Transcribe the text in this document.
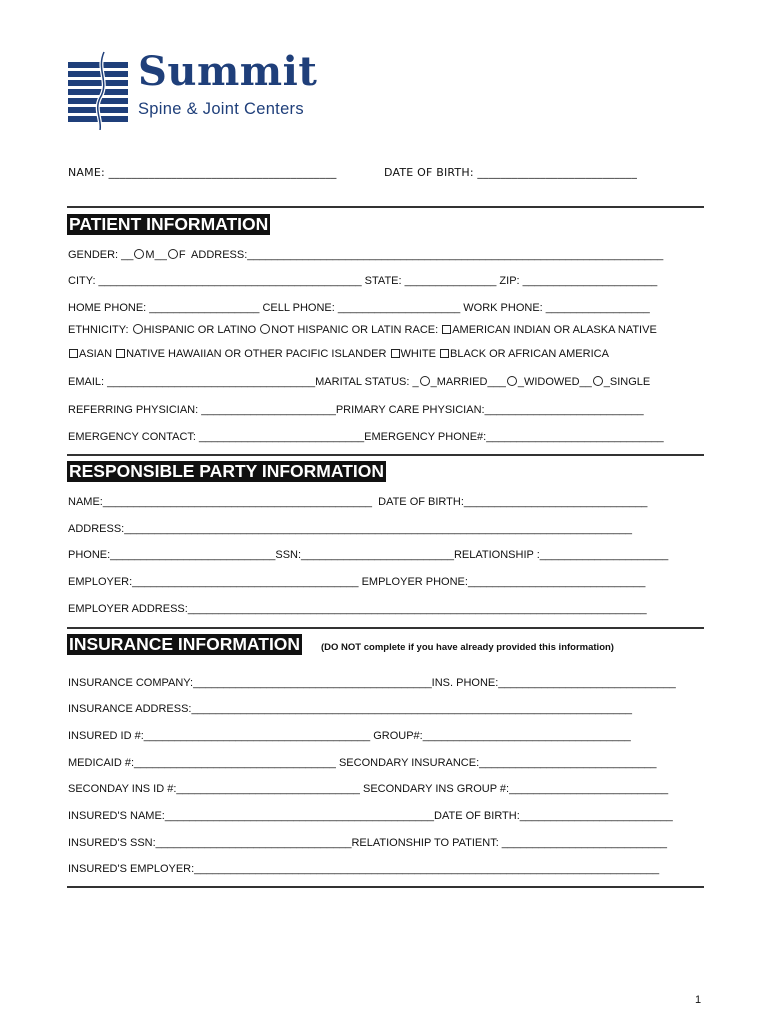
Summit
Spine & Joint Centers
NAME: ________________________________________	DATE OF BIRTH: ____________________________
PATIENT INFORMATION
GENDER: __ M__ F  ADDRESS:____________________________________________________________________
CITY: ___________________________________________ STATE: _______________ ZIP: ______________________
HOME PHONE: __________________ CELL PHONE: ____________________ WORK PHONE: _________________
ETHNICITY: HISPANIC OR LATINO NOT HISPANIC OR LATIN RACE: AMERICAN INDIAN OR ALASKA NATIVE
ASIAN NATIVE HAWAIIAN OR OTHER PACIFIC ISLANDER WHITE BLACK OR AFRICAN AMERICA
EMAIL: __________________________________MARITAL STATUS: _ _MARRIED___ _WIDOWED__ _SINGLE
REFERRING PHYSICIAN: ______________________PRIMARY CARE PHYSICIAN:__________________________
EMERGENCY CONTACT: ___________________________EMERGENCY PHONE#:_____________________________
RESPONSIBLE PARTY INFORMATION
NAME:____________________________________________  DATE OF BIRTH:______________________________
ADDRESS:___________________________________________________________________________________
PHONE:___________________________SSN:_________________________RELATIONSHIP :_____________________
EMPLOYER:_____________________________________ EMPLOYER PHONE:_____________________________
EMPLOYER ADDRESS:___________________________________________________________________________
INSURANCE INFORMATION (DO NOT complete if you have already provided this information)
INSURANCE COMPANY:_______________________________________INS. PHONE:_____________________________
INSURANCE ADDRESS:________________________________________________________________________
INSURED ID #:_____________________________________ GROUP#:__________________________________
MEDICAID #:_________________________________ SECONDARY INSURANCE:_____________________________
SECONDAY INS ID #:______________________________ SECONDARY INS GROUP #:__________________________
INSURED'S NAME:____________________________________________DATE OF BIRTH:_________________________
INSURED'S SSN:________________________________RELATIONSHIP TO PATIENT: ___________________________
INSURED'S EMPLOYER:____________________________________________________________________________
1
